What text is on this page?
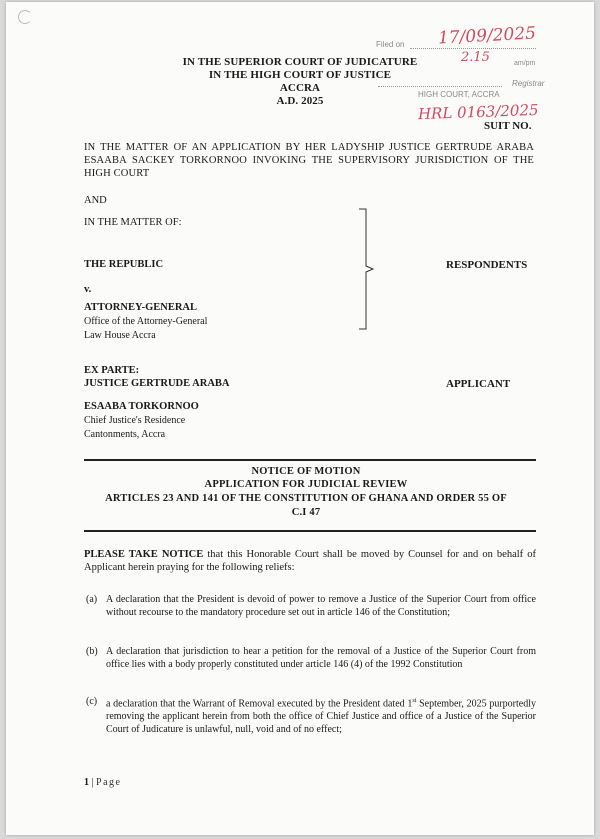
IN THE SUPERIOR COURT OF JUDICATURE
IN THE HIGH COURT OF JUSTICE
ACCRA
A.D. 2025
SUIT NO.
Filed on 17/09/2025
2.15	am/pm
Registrar
HIGH COURT, ACCRA
HRL 0163/2025
IN THE MATTER OF AN APPLICATION BY HER LADYSHIP JUSTICE GERTRUDE ARABA ESAABA SACKEY TORKORNOO INVOKING THE SUPERVISORY JURISDICTION OF THE HIGH COURT
AND
IN THE MATTER OF:
THE REPUBLIC	RESPONDENTS
v.
ATTORNEY-GENERAL
Office of the Attorney-General
Law House Accra
EX PARTE:
JUSTICE GERTRUDE ARABA	APPLICANT
ESAABA TORKORNOO
Chief Justice's Residence
Cantonments, Accra
NOTICE OF MOTION
APPLICATION FOR JUDICIAL REVIEW
ARTICLES 23 AND 141 OF THE CONSTITUTION OF GHANA AND ORDER 55 OF
C.I 47
PLEASE TAKE NOTICE that this Honorable Court shall be moved by Counsel for and on behalf of Applicant herein praying for the following reliefs:
(a) A declaration that the President is devoid of power to remove a Justice of the Superior Court from office without recourse to the mandatory procedure set out in article 146 of the Constitution;
(b) A declaration that jurisdiction to hear a petition for the removal of a Justice of the Superior Court from office lies with a body properly constituted under article 146 (4) of the 1992 Constitution
(c) a declaration that the Warrant of Removal executed by the President dated 1st September, 2025 purportedly removing the applicant herein from both the office of Chief Justice and office of a Justice of the Superior Court of Judicature is unlawful, null, void and of no effect;
1 | Page
